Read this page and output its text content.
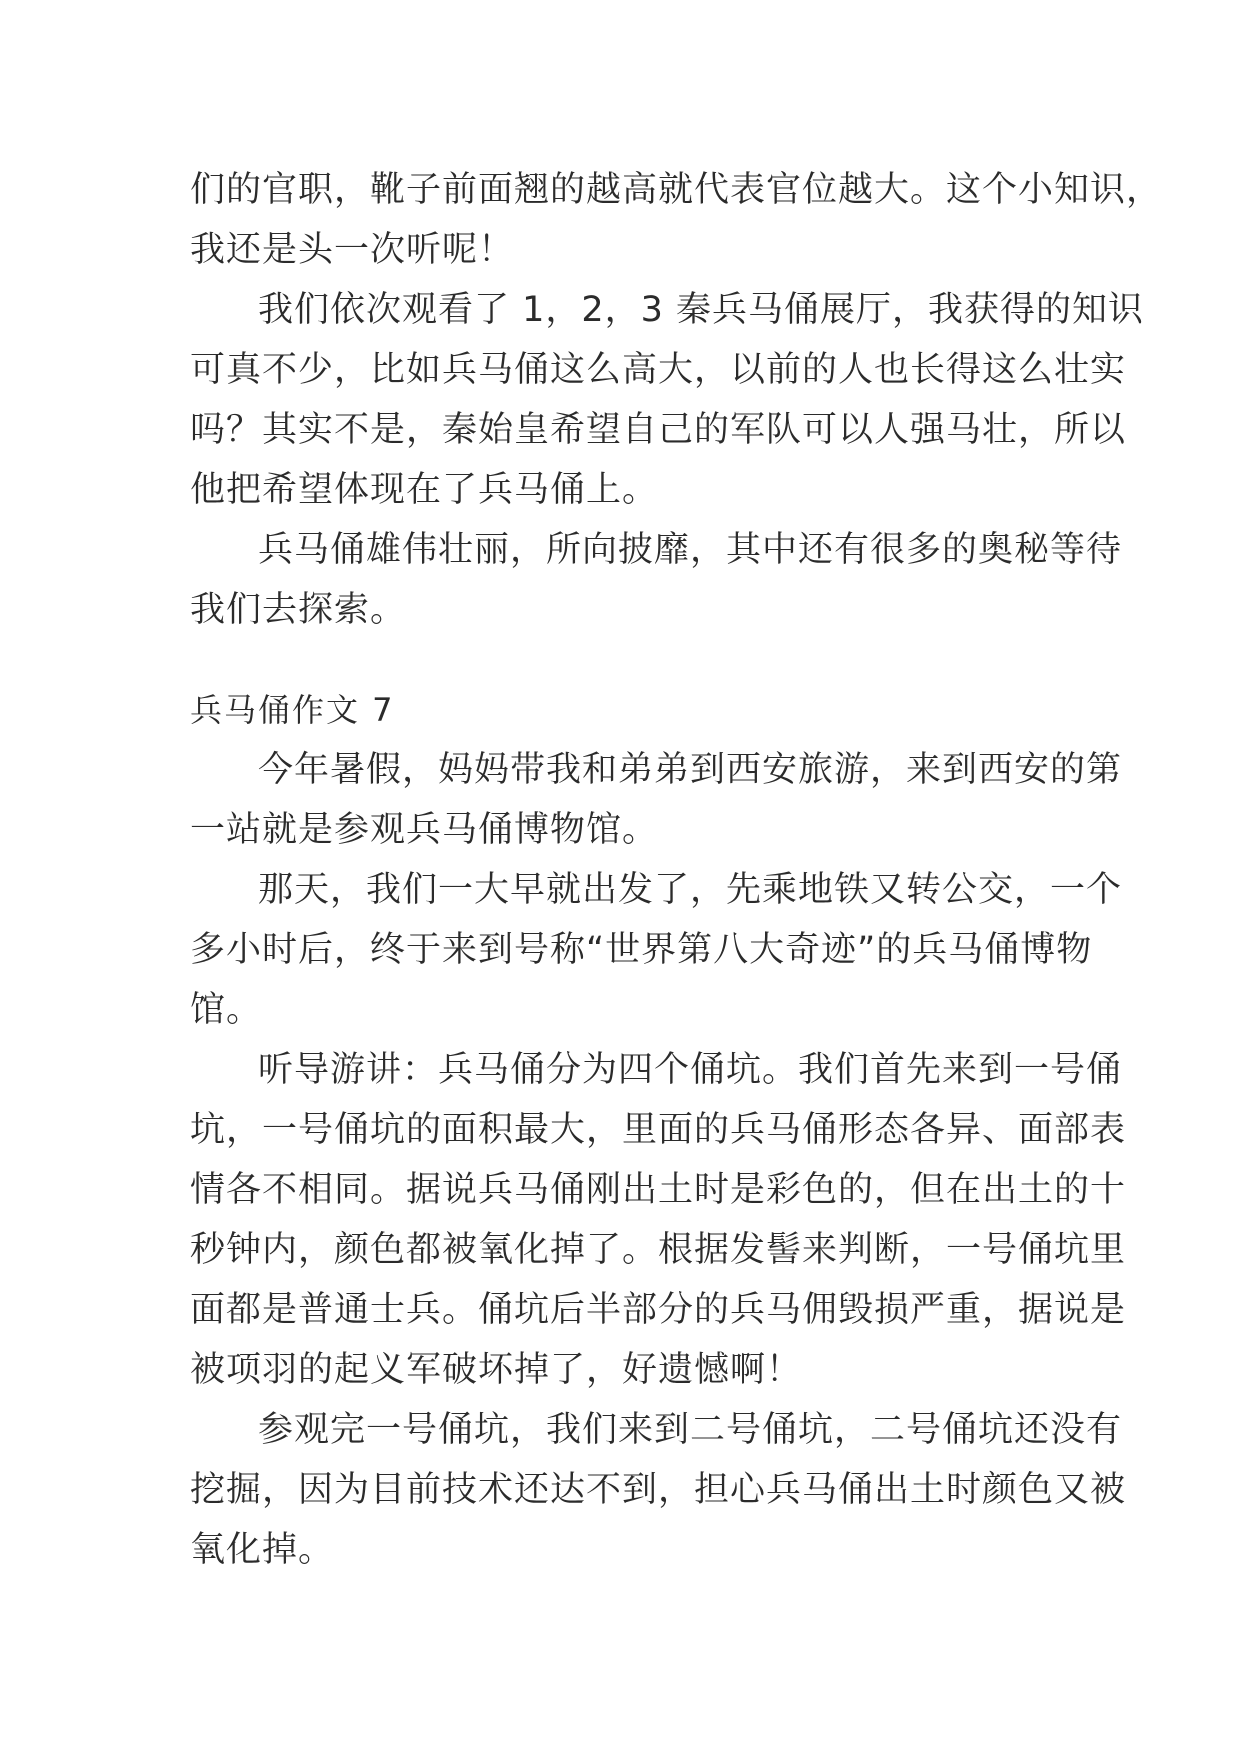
们的官职，靴子前面翘的越高就代表官位越大。这个小知识，
我还是头一次听呢！
我们依次观看了 1，2，3 秦兵马俑展厅，我获得的知识
可真不少，比如兵马俑这么高大，以前的人也长得这么壮实
吗？其实不是，秦始皇希望自己的军队可以人强马壮，所以
他把希望体现在了兵马俑上。
兵马俑雄伟壮丽，所向披靡，其中还有很多的奥秘等待
我们去探索。
兵马俑作文 7
今年暑假，妈妈带我和弟弟到西安旅游，来到西安的第
一站就是参观兵马俑博物馆。
那天，我们一大早就出发了，先乘地铁又转公交，一个
多小时后，终于来到号称“世界第八大奇迹”的兵马俑博物
馆。
听导游讲：兵马俑分为四个俑坑。我们首先来到一号俑
坑，一号俑坑的面积最大，里面的兵马俑形态各异、面部表
情各不相同。据说兵马俑刚出土时是彩色的，但在出土的十
秒钟内，颜色都被氧化掉了。根据发髻来判断，一号俑坑里
面都是普通士兵。俑坑后半部分的兵马佣毁损严重，据说是
被项羽的起义军破坏掉了，好遗憾啊！
参观完一号俑坑，我们来到二号俑坑，二号俑坑还没有
挖掘，因为目前技术还达不到，担心兵马俑出土时颜色又被
氧化掉。
